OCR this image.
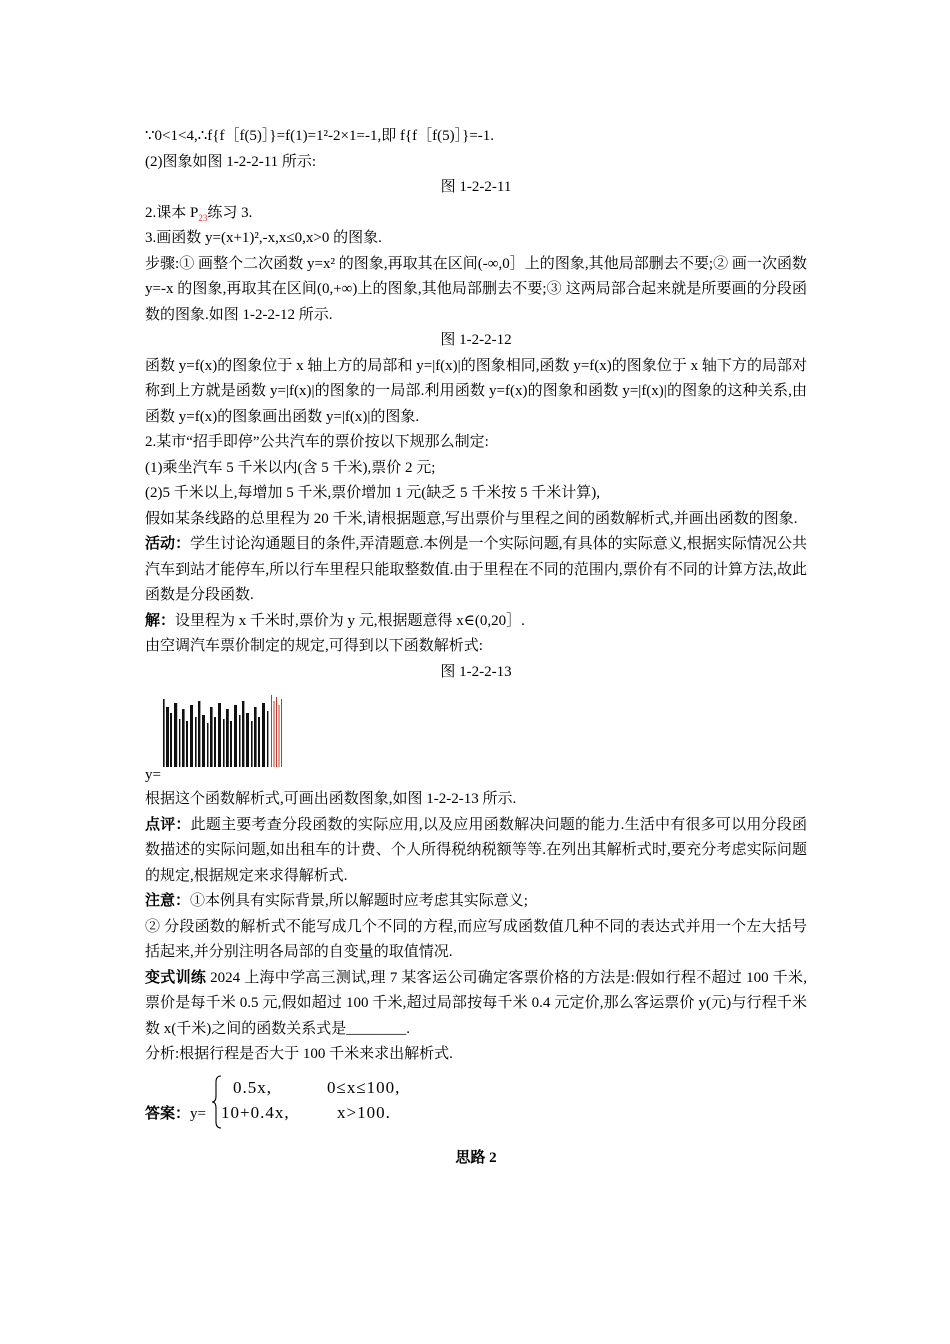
∵0<1<4,∴f{f［f(5)］}=f(1)=1²-2×1=-1,即 f{f［f(5)］}=-1.

(2)图象如图 1-2-2-11 所示:

图 1-2-2-11

2.课本 $P_{23}$练习 3.

3.画函数 y=(x+1)²,-x,x≤0,x>0 的图象.

步骤:① 画整个二次函数 y=x² 的图象,再取其在区间(-∞,0］上的图象,其他局部删去不要;② 画一次函数 y=-x 的图象,再取其在区间(0,+∞)上的图象,其他局部删去不要;③ 这两局部合起来就是所要画的分段函数的图象.如图 1-2-2-12 所示.

图 1-2-2-12

函数 y=f(x)的图象位于 x 轴上方的局部和 y=|f(x)|的图象相同,函数 y=f(x)的图象位于 x 轴下方的局部对称到上方就是函数 y=|f(x)|的图象的一局部.利用函数 y=f(x)的图象和函数 y=|f(x)|的图象的这种关系,由函数 y=f(x)的图象画出函数 y=|f(x)|的图象.

2.某市“招手即停”公共汽车的票价按以下规那么制定:

(1)乘坐汽车 5 千米以内(含 5 千米),票价 2 元;

(2)5 千米以上,每增加 5 千米,票价增加 1 元(缺乏 5 千米按 5 千米计算),

假如某条线路的总里程为 20 千米,请根据题意,写出票价与里程之间的函数解析式,并画出函数的图象.

活动：学生讨论沟通题目的条件,弄清题意.本例是一个实际问题,有具体的实际意义,根据实际情况公共汽车到站才能停车,所以行车里程只能取整数值.由于里程在不同的范围内,票价有不同的计算方法,故此函数是分段函数.

解：设里程为 x 千米时,票价为 y 元,根据题意得 x∈(0,20］.

由空调汽车票价制定的规定,可得到以下函数解析式:

图 1-2-2-13

y=

根据这个函数解析式,可画出函数图象,如图 1-2-2-13 所示.

点评：此题主要考查分段函数的实际应用,以及应用函数解决问题的能力.生活中有很多可以用分段函数描述的实际问题,如出租车的计费、个人所得税纳税额等等.在列出其解析式时,要充分考虑实际问题的规定,根据规定来求得解析式.

注意：①本例具有实际背景,所以解题时应考虑其实际意义;

② 分段函数的解析式不能写成几个不同的方程,而应写成函数值几种不同的表达式并用一个左大括号括起来,并分别注明各局部的自变量的取值情况.

变式训练 2024 上海中学高三测试,理 7 某客运公司确定客票价格的方法是:假如行程不超过 100 千米,票价是每千米 0.5 元,假如超过 100 千米,超过局部按每千米 0.4 元定价,那么客运票价 y(元)与行程千米数 x(千米)之间的函数关系式是________.

分析:根据行程是否大于 100 千米来求出解析式.

答案：y=
0.5x,	0≤x≤100,
10+0.4x,	x>100.

思路 2
